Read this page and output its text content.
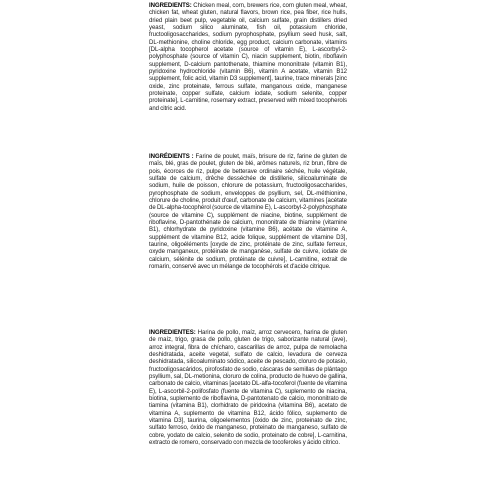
INGREDIENTS: Chicken meal, corn, brewers rice, corn gluten meal, wheat, chicken fat, wheat gluten, natural flavors, brown rice, pea fiber, rice hulls, dried plain beet pulp, vegetable oil, calcium sulfate, grain distillers dried yeast, sodium silico aluminate, fish oil, potassium chloride, fructooligosaccharides, sodium pyrophosphate, psyllium seed husk, salt, DL-methionine, choline chloride, egg product, calcium carbonate, vitamins [DL-alpha tocopherol acetate (source of vitamin E), L-ascorbyl-2-polyphosphate (source of vitamin C), niacin supplement, biotin, riboflavin supplement, D-calcium pantothenate, thiamine mononitrate (vitamin B1), pyridoxine hydrochloride (vitamin B6), vitamin A acetate, vitamin B12 supplement, folic acid, vitamin D3 supplement], taurine, trace minerals [zinc oxide, zinc proteinate, ferrous sulfate, manganous oxide, manganese proteinate, copper sulfate, calcium iodate, sodium selenite, copper proteinate], L-carnitine, rosemary extract, preserved with mixed tocopherols and citric acid.
INGRÉDIENTS : Farine de poulet, maïs, brisure de riz, farine de gluten de maïs, blé, gras de poulet, gluten de blé, arômes naturels, riz brun, fibre de pois, écorces de riz, pulpe de betterave ordinaire séchée, huile végétale, sulfate de calcium, drêche desséchée de distillerie, silicoaluminate de sodium, huile de poisson, chlorure de potassium, fructooligosaccharides, pyrophosphate de sodium, enveloppes de psyllium, sel, DL-méthionine, chlorure de choline, produit d'œuf, carbonate de calcium, vitamines [acétate de DL-alpha-tocophérol (source de vitamine E), L-ascorbyl-2-polyphosphate (source de vitamine C), supplément de niacine, biotine, supplément de riboflavine, D-pantothénate de calcium, mononitrate de thiamine (vitamine B1), chlorhydrate de pyridoxine (vitamine B6), acétate de vitamine A, supplément de vitamine B12, acide folique, supplément de vitamine D3], taurine, oligoéléments [oxyde de zinc, protéinate de zinc, sulfate ferreux, oxyde manganeux, protéinate de manganèse, sulfate de cuivre, iodate de calcium, sélénite de sodium, protéinate de cuivre], L-carnitine, extrait de romarin, conservé avec un mélange de tocophérols et d'acide citrique.
INGREDIENTES: Harina de pollo, maíz, arroz cervecero, harina de gluten de maíz, trigo, grasa de pollo, gluten de trigo, saborizante natural (ave), arroz integral, fibra de chícharo, cascarillas de arroz, pulpa de remolacha deshidratada, aceite vegetal, sulfato de calcio, levadura de cerveza deshidratada, silicoaluminato sódico, aceite de pescado, cloruro de potasio, fructooligosacáridos, pirofosfato de sodio, cáscaras de semillas de plántago psyllium, sal, DL-metionina, cloruro de colina, producto de huevo de gallina, carbonato de calcio, vitaminas [acetato DL-alfa-tocoferol (fuente de vitamina E), L-ascorbil-2-polifosfato (fuente de vitamina C), suplemento de niacina, biotina, suplemento de riboflavina, D-pantotenato de calcio, mononitrato de tiamina (vitamina B1), clorhidrato de piridoxina (vitamina B6), acetato de vitamina A, suplemento de vitamina B12, ácido fólico, suplemento de vitamina D3], taurina, oligoelementos [óxido de zinc, proteinato de zinc, sulfato ferroso, óxido de manganeso, proteinato de manganeso, sulfato de cobre, yodato de calcio, selenito de sodio, proteinato de cobre], L-carnitina, extracto de romero, conservado con mezcla de tocoferoles y ácido cítrico.
